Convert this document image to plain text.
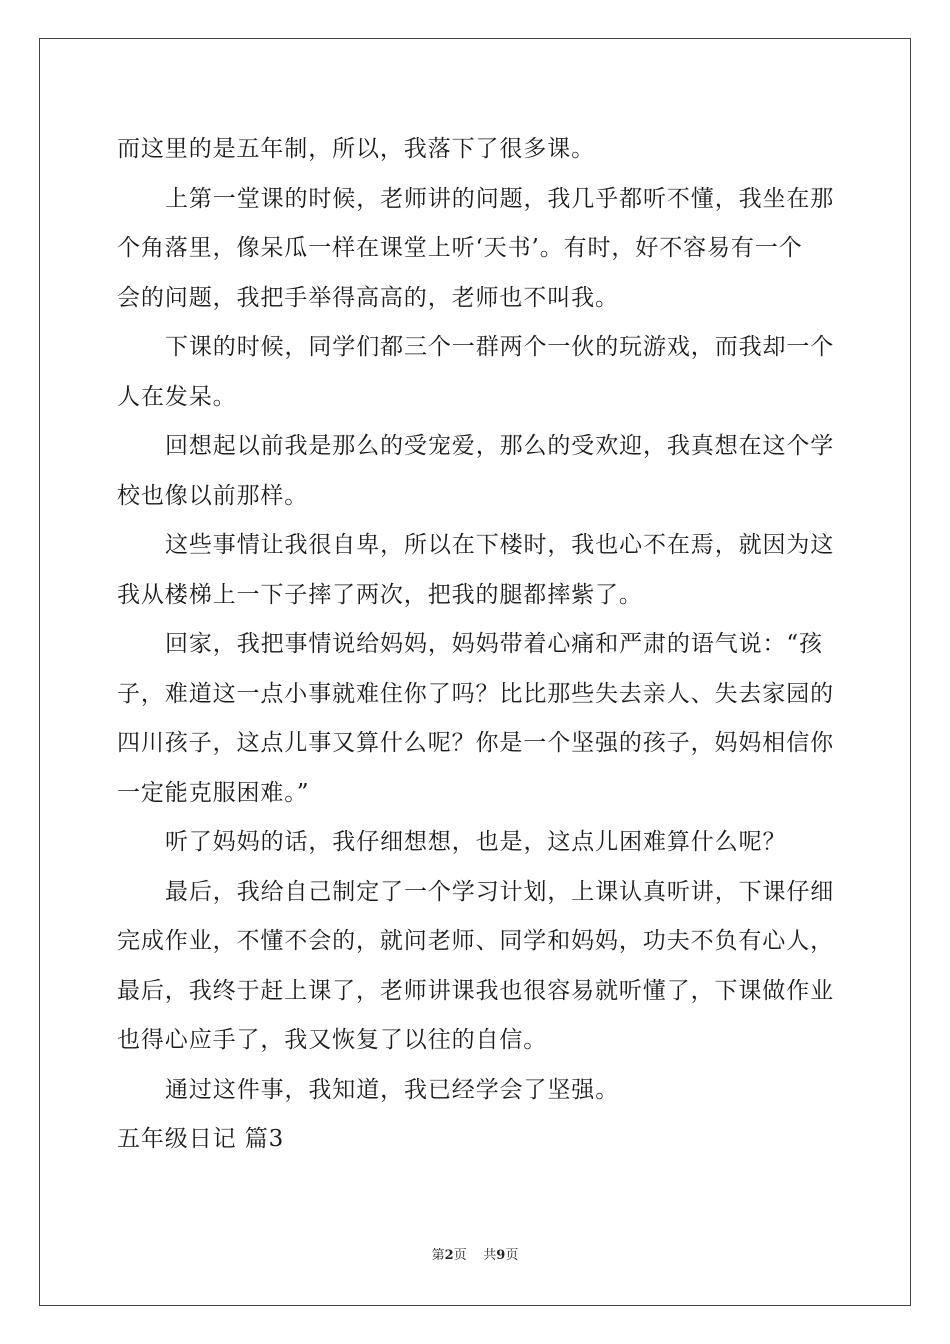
而这里的是五年制，所以，我落下了很多课。
上第一堂课的时候，老师讲的问题，我几乎都听不懂，我坐在那
个角落里，像呆瓜一样在课堂上听‘天书’。有时，好不容易有一个
会的问题，我把手举得高高的，老师也不叫我。
下课的时候，同学们都三个一群两个一伙的玩游戏，而我却一个
人在发呆。
回想起以前我是那么的受宠爱，那么的受欢迎，我真想在这个学
校也像以前那样。
这些事情让我很自卑，所以在下楼时，我也心不在焉，就因为这
我从楼梯上一下子摔了两次，把我的腿都摔紫了。
回家，我把事情说给妈妈，妈妈带着心痛和严肃的语气说：“孩
子，难道这一点小事就难住你了吗？比比那些失去亲人、失去家园的
四川孩子，这点儿事又算什么呢？你是一个坚强的孩子，妈妈相信你
一定能克服困难。”
听了妈妈的话，我仔细想想，也是，这点儿困难算什么呢？
最后，我给自己制定了一个学习计划，上课认真听讲，下课仔细
完成作业，不懂不会的，就问老师、同学和妈妈，功夫不负有心人，
最后，我终于赶上课了，老师讲课我也很容易就听懂了，下课做作业
也得心应手了，我又恢复了以往的自信。
通过这件事，我知道，我已经学会了坚强。
五年级日记 篇3
第2页 共9页
